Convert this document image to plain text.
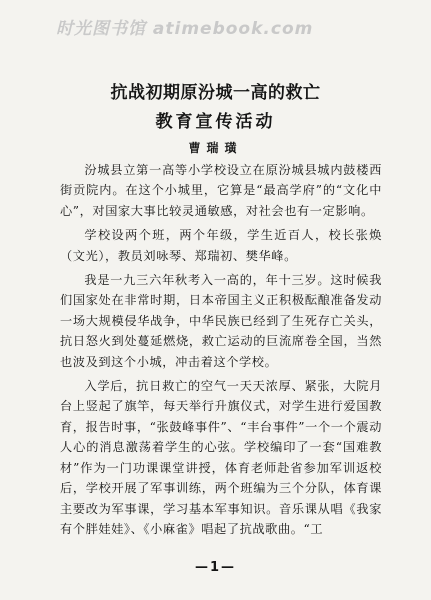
时光图书馆 atimebook.com
抗战初期原汾城一高的救亡
教育宣传活动
曹瑞璜

汾城县立第一高等小学校设立在原汾城县城内鼓楼西街贡院内。在这个小城里，它算是“最高学府”的“文化中心”，对国家大事比较灵通敏感，对社会也有一定影响。

学校设两个班，两个年级，学生近百人，校长张焕（文光），教员刘咏琴、郑瑞初、樊华峰。

我是一九三六年秋考入一高的，年十三岁。这时候我们国家处在非常时期，日本帝国主义正积极酝酿准备发动一场大规模侵华战争，中华民族已经到了生死存亡关头，抗日怒火到处蔓延燃烧，救亡运动的巨流席卷全国，当然也波及到这个小城，冲击着这个学校。

入学后，抗日救亡的空气一天天浓厚、紧张，大院月台上竖起了旗竿，每天举行升旗仪式，对学生进行爱国教育，报告时事，“张鼓峰事件”、“丰台事件”一个一个震动人心的消息激荡着学生的心弦。学校编印了一套“国难教材”作为一门功课课堂讲授，体育老师赴省参加军训返校后，学校开展了军事训练，两个班编为三个分队，体育课主要改为军事课，学习基本军事知识。音乐课从唱《我家有个胖娃娃》、《小麻雀》唱起了抗战歌曲。“工

—1—
